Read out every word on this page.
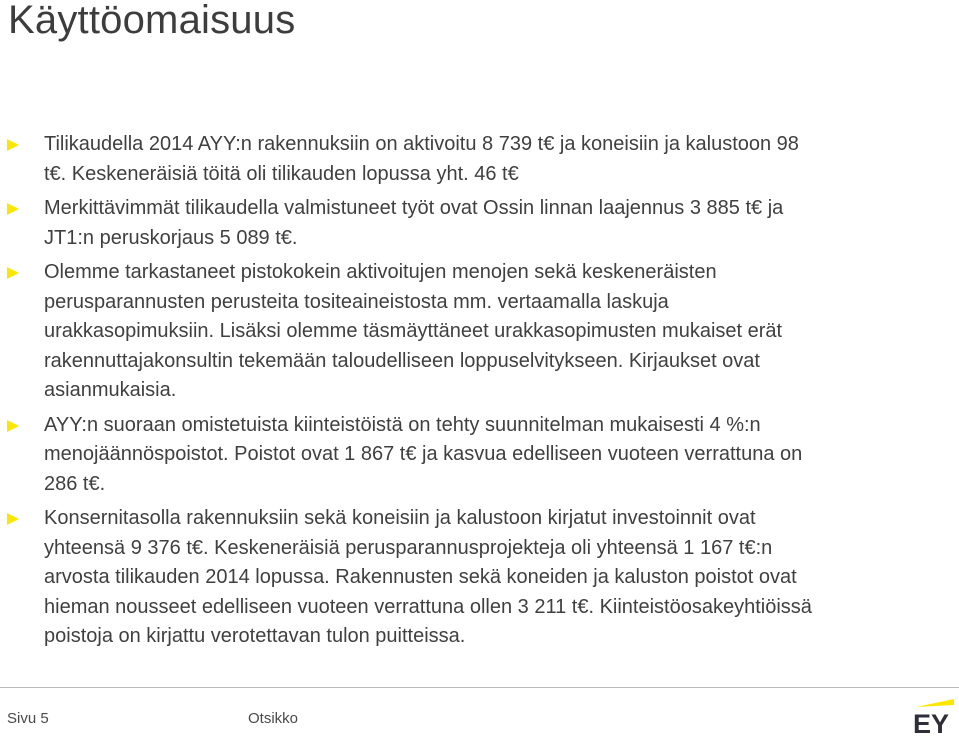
Käyttöomaisuus
Tilikaudella 2014 AYY:n rakennuksiin on aktivoitu 8 739 t€ ja koneisiin ja kalustoon 98
t€. Keskeneräisiä töitä oli tilikauden lopussa yht. 46 t€
Merkittävimmät tilikaudella valmistuneet työt ovat Ossin linnan laajennus 3 885 t€ ja
JT1:n peruskorjaus 5 089 t€.
Olemme tarkastaneet pistokokein aktivoitujen menojen sekä keskeneräisten
perusparannusten perusteita tositeaineistosta mm. vertaamalla laskuja
urakkasopimuksiin. Lisäksi olemme täsmäyttäneet urakkasopimusten mukaiset erät
rakennuttajakonsultin tekemään taloudelliseen loppuselvitykseen. Kirjaukset ovat
asianmukaisia.
AYY:n suoraan omistetuista kiinteistöistä on tehty suunnitelman mukaisesti 4 %:n
menojäännöspoistot. Poistot ovat 1 867 t€ ja kasvua edelliseen vuoteen verrattuna on
286 t€.
Konsernitasolla rakennuksiin sekä koneisiin ja kalustoon kirjatut investoinnit ovat
yhteensä 9 376 t€. Keskeneräisiä perusparannusprojekteja oli yhteensä 1 167 t€:n
arvosta tilikauden 2014 lopussa. Rakennusten sekä koneiden ja kaluston poistot ovat
hieman nousseet edelliseen vuoteen verrattuna ollen 3 211 t€. Kiinteistöosakeyhtiöissä
poistoja on kirjattu verotettavan tulon puitteissa.
Sivu 5	Otsikko	EY
